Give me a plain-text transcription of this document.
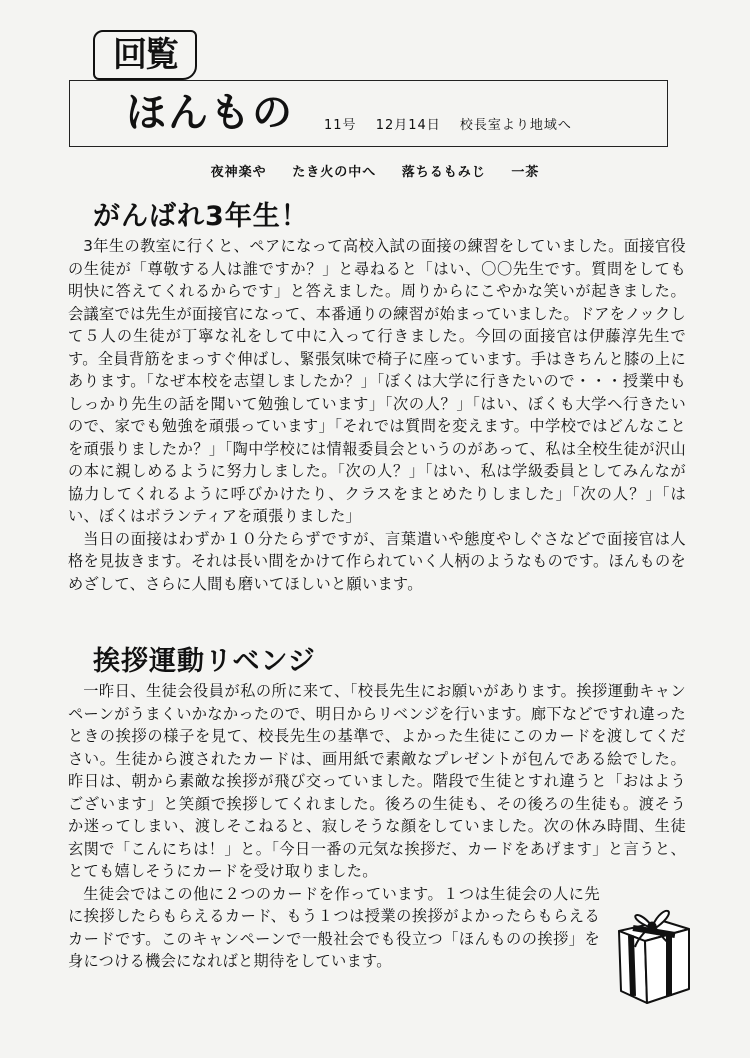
回覧
ほんもの 11号 12月14日 校長室より地域へ
夜神楽や たき火の中へ 落ちるもみじ 一茶
がんばれ3年生！

3年生の教室に行くと、ペアになって高校入試の面接の練習をしていました。面接官役の生徒が「尊敬する人は誰ですか？」と尋ねると「はい、〇〇先生です。質問をしても明快に答えてくれるからです」と答えました。周りからにこやかな笑いが起きました。会議室では先生が面接官になって、本番通りの練習が始まっていました。ドアをノックして５人の生徒が丁寧な礼をして中に入って行きました。今回の面接官は伊藤淳先生です。全員背筋をまっすぐ伸ばし、緊張気味で椅子に座っています。手はきちんと膝の上にあります。「なぜ本校を志望しましたか？」「ぼくは大学に行きたいので・・・授業中もしっかり先生の話を聞いて勉強しています」「次の人？」「はい、ぼくも大学へ行きたいので、家でも勉強を頑張っています」「それでは質問を変えます。中学校ではどんなことを頑張りましたか？」「陶中学校には情報委員会というのがあって、私は全校生徒が沢山の本に親しめるように努力しました。「次の人？」「はい、私は学級委員としてみんなが協力してくれるように呼びかけたり、クラスをまとめたりしました」「次の人？」「はい、ぼくはボランティアを頑張りました」

当日の面接はわずか１０分たらずですが、言葉遣いや態度やしぐさなどで面接官は人格を見抜きます。それは長い間をかけて作られていく人柄のようなものです。ほんものをめざして、さらに人間も磨いてほしいと願います。

挨拶運動リベンジ

一昨日、生徒会役員が私の所に来て、「校長先生にお願いがあります。挨拶運動キャンペーンがうまくいかなかったので、明日からリベンジを行います。廊下などですれ違ったときの挨拶の様子を見て、校長先生の基準で、よかった生徒にこのカードを渡してください。生徒から渡されたカードは、画用紙で素敵なプレゼントが包んである絵でした。昨日は、朝から素敵な挨拶が飛び交っていました。階段で生徒とすれ違うと「おはようございます」と笑顔で挨拶してくれました。後ろの生徒も、その後ろの生徒も。渡そうか迷ってしまい、渡しそこねると、寂しそうな顔をしていました。次の休み時間、生徒玄関で「こんにちは！」と。「今日一番の元気な挨拶だ、カードをあげます」と言うと、とても嬉しそうにカードを受け取りました。

生徒会ではこの他に２つのカードを作っています。１つは生徒会の人に先に挨拶したらもらえるカード、もう１つは授業の挨拶がよかったらもらえるカードです。このキャンペーンで一般社会でも役立つ「ほんものの挨拶」を身につける機会になればと期待をしています。
